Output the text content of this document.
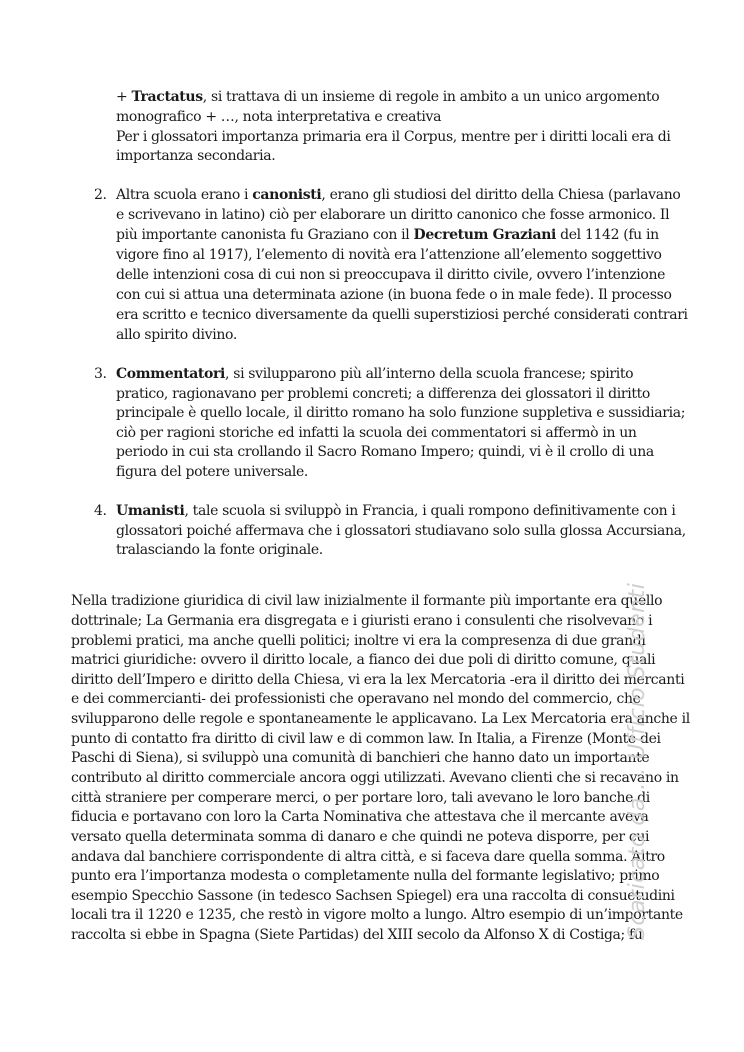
+ Tractatus, si trattava di un insieme di regole in ambito a un unico argomento
monografico + …, nota interpretativa e creativa
Per i glossatori importanza primaria era il Corpus, mentre per i diritti locali era di
importanza secondaria.
2. Altra scuola erano i canonisti, erano gli studiosi del diritto della Chiesa (parlavano
e scrivevano in latino) ciò per elaborare un diritto canonico che fosse armonico. Il
più importante canonista fu Graziano con il Decretum Graziani del 1142 (fu in
vigore fino al 1917), l’elemento di novità era l’attenzione all’elemento soggettivo
delle intenzioni cosa di cui non si preoccupava il diritto civile, ovvero l’intenzione
con cui si attua una determinata azione (in buona fede o in male fede). Il processo
era scritto e tecnico diversamente da quelli superstiziosi perché considerati contrari
allo spirito divino.
3. Commentatori, si svilupparono più all’interno della scuola francese; spirito
pratico, ragionavano per problemi concreti; a differenza dei glossatori il diritto
principale è quello locale, il diritto romano ha solo funzione suppletiva e sussidiaria;
ciò per ragioni storiche ed infatti la scuola dei commentatori si affermò in un
periodo in cui sta crollando il Sacro Romano Impero; quindi, vi è il crollo di una
figura del potere universale.
4. Umanisti, tale scuola si sviluppò in Francia, i quali rompono definitivamente con i
glossatori poiché affermava che i glossatori studiavano solo sulla glossa Accursiana,
tralasciando la fonte originale.
Nella tradizione giuridica di civil law inizialmente il formante più importante era quello
dottrinale; La Germania era disgregata e i giuristi erano i consulenti che risolvevano i
problemi pratici, ma anche quelli politici; inoltre vi era la compresenza di due grandi
matrici giuridiche: ovvero il diritto locale, a fianco dei due poli di diritto comune, quali
diritto dell’Impero e diritto della Chiesa, vi era la lex Mercatoria -era il diritto dei mercanti
e dei commercianti- dei professionisti che operavano nel mondo del commercio, che
svilupparono delle regole e spontaneamente le applicavano. La Lex Mercatoria era anche il
punto di contatto fra diritto di civil law e di common law. In Italia, a Firenze (Monte dei
Paschi di Siena), si sviluppò una comunità di banchieri che hanno dato un importante
contributo al diritto commerciale ancora oggi utilizzati. Avevano clienti che si recavano in
città straniere per comperare merci, o per portare loro, tali avevano le loro banche di
fiducia e portavano con loro la Carta Nominativa che attestava che il mercante aveva
versato quella determinata somma di danaro e che quindi ne poteva disporre, per cui
andava dal banchiere corrispondente di altra città, e si faceva dare quella somma. Altro
punto era l’importanza modesta o completamente nulla del formante legislativo; primo
esempio Specchio Sassone (in tedesco Sachsen Spiegel) era una raccolta di consuetudini
locali tra il 1220 e 1235, che restò in vigore molto a lungo. Altro esempio di un’importante
raccolta si ebbe in Spagna (Siete Partidas) del XIII secolo da Alfonso X di Costiga; fu
Scaricato da ... Ufficio Studenti
